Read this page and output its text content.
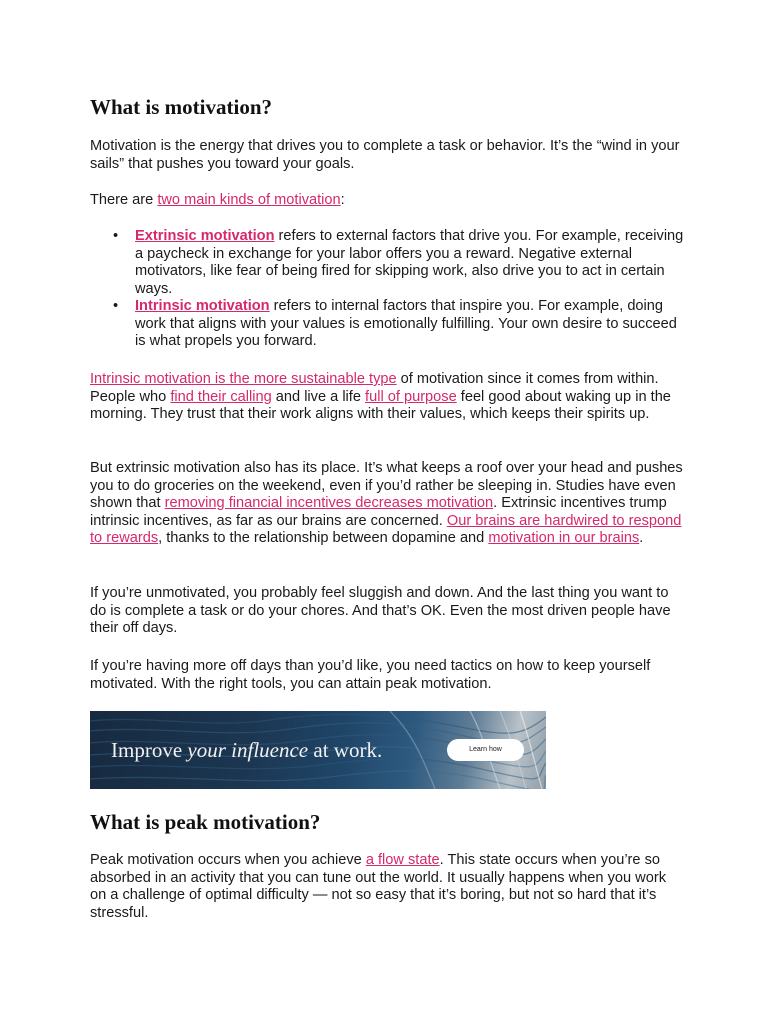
What is motivation?

Motivation is the energy that drives you to complete a task or behavior. It’s the “wind in your sails” that pushes you toward your goals.

There are two main kinds of motivation:

• Extrinsic motivation refers to external factors that drive you. For example, receiving a paycheck in exchange for your labor offers you a reward. Negative external motivators, like fear of being fired for skipping work, also drive you to act in certain ways.
• Intrinsic motivation refers to internal factors that inspire you. For example, doing work that aligns with your values is emotionally fulfilling. Your own desire to succeed is what propels you forward.

Intrinsic motivation is the more sustainable type of motivation since it comes from within. People who find their calling and live a life full of purpose feel good about waking up in the morning. They trust that their work aligns with their values, which keeps their spirits up.

But extrinsic motivation also has its place. It’s what keeps a roof over your head and pushes you to do groceries on the weekend, even if you’d rather be sleeping in. Studies have even shown that removing financial incentives decreases motivation. Extrinsic incentives trump intrinsic incentives, as far as our brains are concerned. Our brains are hardwired to respond to rewards, thanks to the relationship between dopamine and motivation in our brains.

If you’re unmotivated, you probably feel sluggish and down. And the last thing you want to do is complete a task or do your chores. And that’s OK. Even the most driven people have their off days.

If you’re having more off days than you’d like, you need tactics on how to keep yourself motivated. With the right tools, you can attain peak motivation.

Improve your influence at work.	Learn how
What is peak motivation?

Peak motivation occurs when you achieve a flow state. This state occurs when you’re so absorbed in an activity that you can tune out the world. It usually happens when you work on a challenge of optimal difficulty — not so easy that it’s boring, but not so hard that it’s stressful.
